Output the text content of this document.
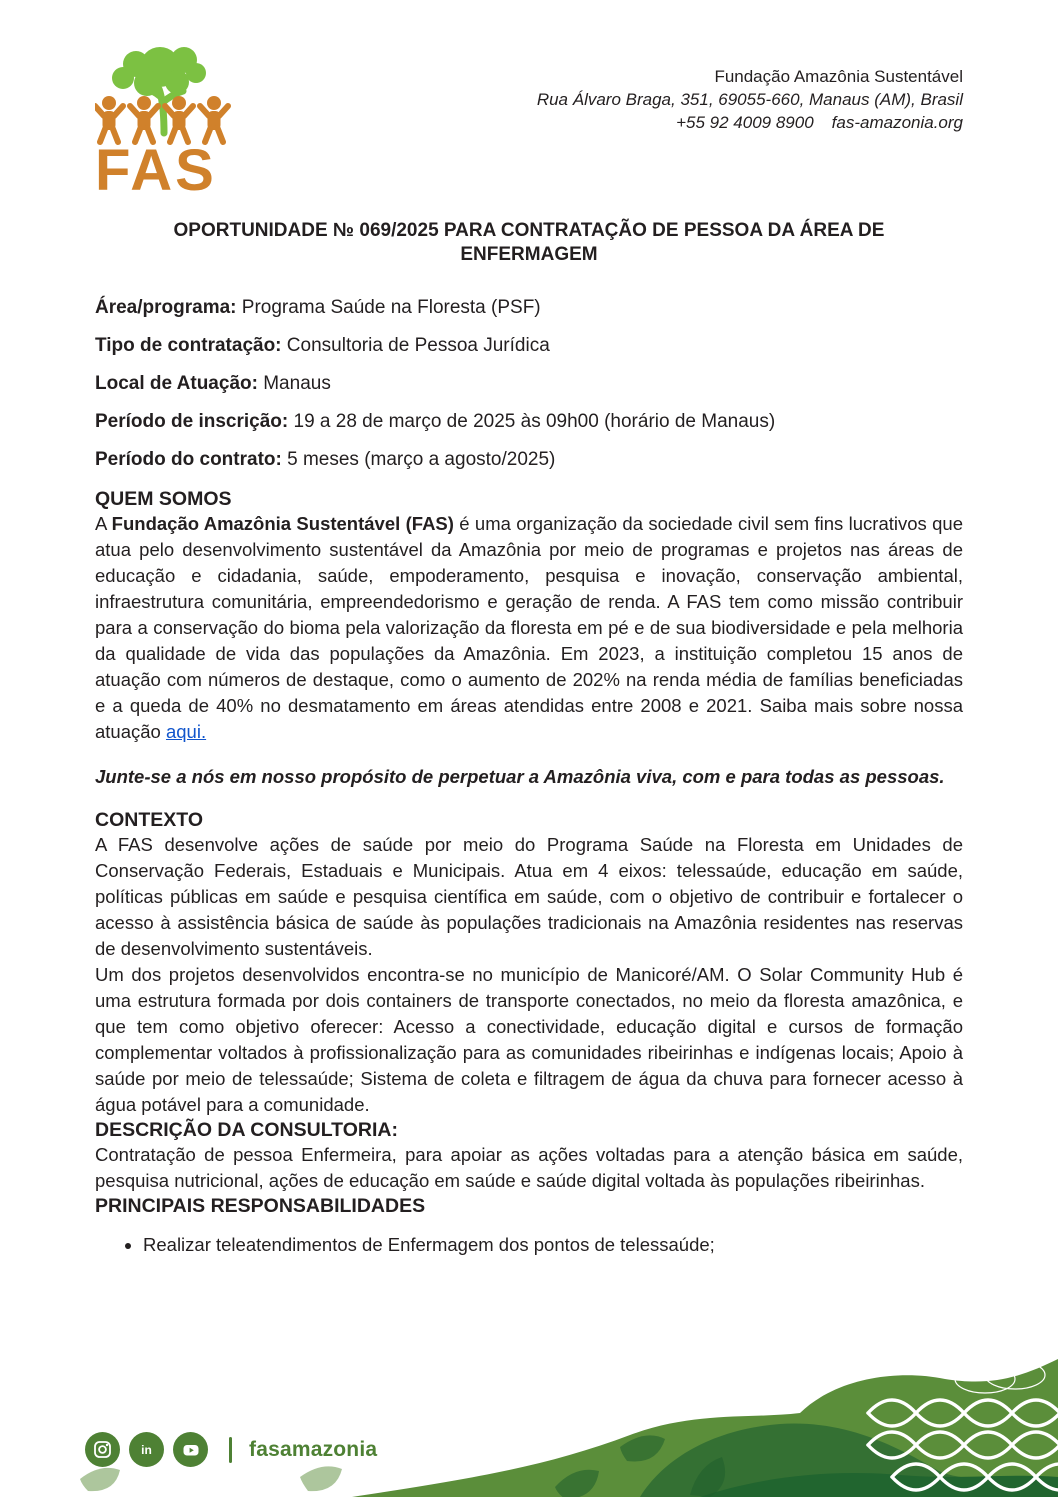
FAS
Fundação Amazônia Sustentável
Rua Álvaro Braga, 351, 69055-660, Manaus (AM), Brasil
+55 92 4009 8900 fas-amazonia.org
OPORTUNIDADE № 069/2025 PARA CONTRATAÇÃO DE PESSOA DA ÁREA DE ENFERMAGEM

Área/programa: Programa Saúde na Floresta (PSF)

Tipo de contratação: Consultoria de Pessoa Jurídica

Local de Atuação: Manaus

Período de inscrição: 19 a 28 de março de 2025 às 09h00 (horário de Manaus)

Período do contrato: 5 meses (março a agosto/2025)

QUEM SOMOS

A Fundação Amazônia Sustentável (FAS) é uma organização da sociedade civil sem fins lucrativos que atua pelo desenvolvimento sustentável da Amazônia por meio de programas e projetos nas áreas de educação e cidadania, saúde, empoderamento, pesquisa e inovação, conservação ambiental, infraestrutura comunitária, empreendedorismo e geração de renda. A FAS tem como missão contribuir para a conservação do bioma pela valorização da floresta em pé e de sua biodiversidade e pela melhoria da qualidade de vida das populações da Amazônia. Em 2023, a instituição completou 15 anos de atuação com números de destaque, como o aumento de 202% na renda média de famílias beneficiadas e a queda de 40% no desmatamento em áreas atendidas entre 2008 e 2021. Saiba mais sobre nossa atuação aqui.

Junte-se a nós em nosso propósito de perpetuar a Amazônia viva, com e para todas as pessoas.

CONTEXTO

A FAS desenvolve ações de saúde por meio do Programa Saúde na Floresta em Unidades de Conservação Federais, Estaduais e Municipais. Atua em 4 eixos: telessaúde, educação em saúde, políticas públicas em saúde e pesquisa científica em saúde, com o objetivo de contribuir e fortalecer o acesso à assistência básica de saúde às populações tradicionais na Amazônia residentes nas reservas de desenvolvimento sustentáveis.

Um dos projetos desenvolvidos encontra-se no município de Manicoré/AM. O Solar Community Hub é uma estrutura formada por dois containers de transporte conectados, no meio da floresta amazônica, e que tem como objetivo oferecer: Acesso a conectividade, educação digital e cursos de formação complementar voltados à profissionalização para as comunidades ribeirinhas e indígenas locais; Apoio à saúde por meio de telessaúde; Sistema de coleta e filtragem de água da chuva para fornecer acesso à água potável para a comunidade.

DESCRIÇÃO DA CONSULTORIA:

Contratação de pessoa Enfermeira, para apoiar as ações voltadas para a atenção básica em saúde, pesquisa nutricional, ações de educação em saúde e saúde digital voltada às populações ribeirinhas.

PRINCIPAIS RESPONSABILIDADES
• Realizar teleatendimentos de Enfermagem dos pontos de telessaúde;
in	fasamazonia
